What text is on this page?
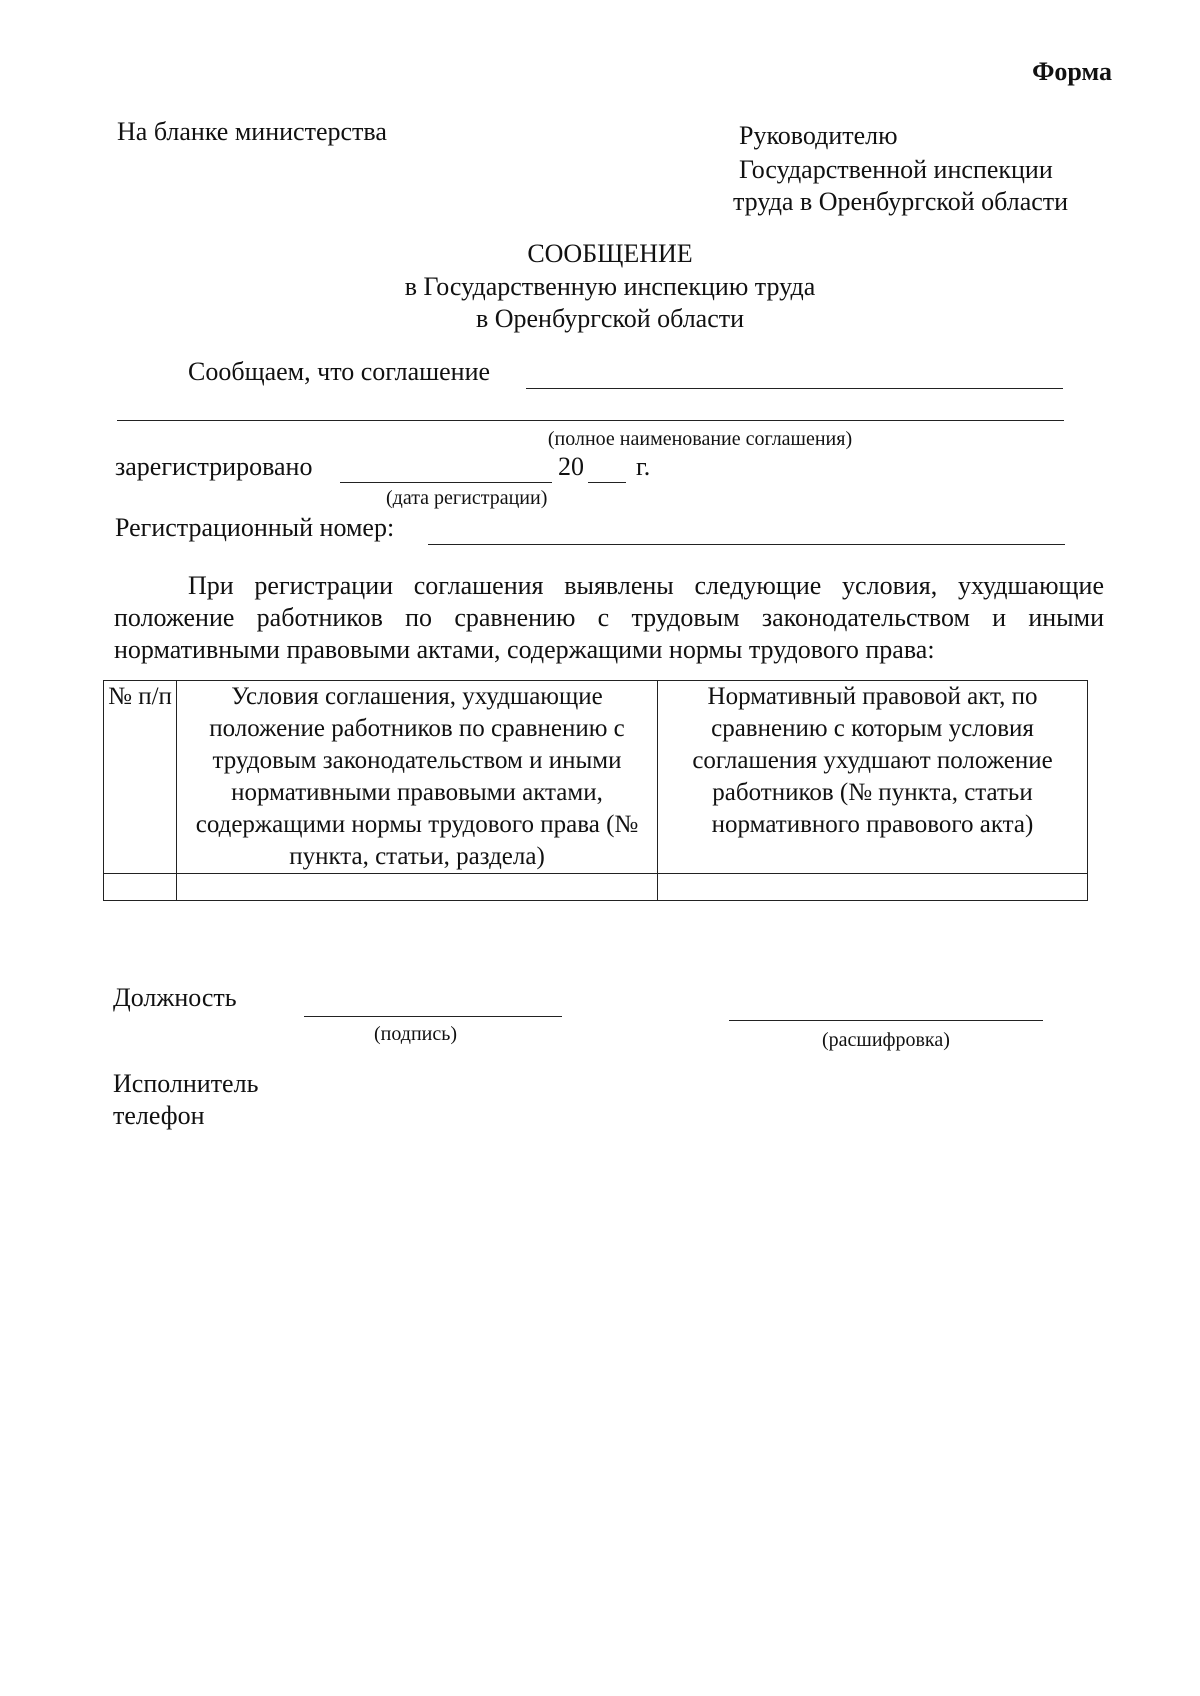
Форма
На бланке министерства	Руководителю
Государственной инспекции
труда в Оренбургской области
СООБЩЕНИЕ
в Государственную инспекцию труда
в Оренбургской области
Сообщаем, что соглашение
(полное наименование соглашения)
зарегистрировано	20 г.
(дата регистрации)
Регистрационный номер:
При регистрации соглашения выявлены следующие условия, ухудшающие положение работников по сравнению с трудовым законодательством и иными нормативными правовыми актами, содержащими нормы трудового права:
№ п/п	Условия соглашения, ухудшающие положение работников по сравнению с трудовым законодательством и иными нормативными правовыми актами, содержащими нормы трудового права (№ пункта, статьи, раздела)	Нормативный правовой акт, по сравнению с которым условия соглашения ухудшают положение работников (№ пункта, статьи нормативного правового акта)

Должность
(подпись)	(расшифровка)
Исполнитель
телефон
